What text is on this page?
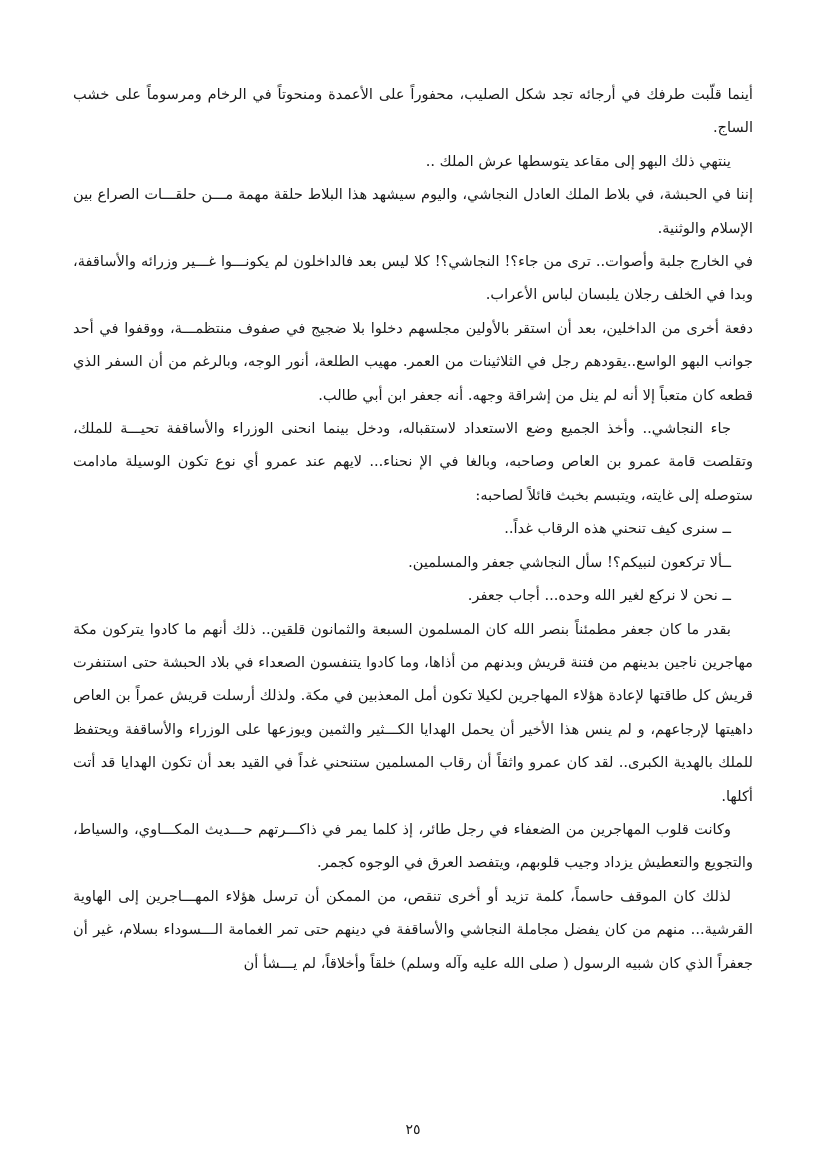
أينما قلّبت طرفك في أرجائه تجد شكل الصليب، محفوراً على الأعمدة ومنحوتاً في الرخام ومرسوماً على خشب الساج.

ينتهي ذلك البهو إلى مقاعد يتوسطها عرش الملك ..

إننا في الحبشة، في بلاط الملك العادل النجاشي، واليوم سيشهد هذا البلاط حلقة مهمة مـــن حلقـــات الصراع بين الإسلام والوثنية.

في الخارج جلبة وأصوات.. ترى من جاء؟! النجاشي؟! كلا ليس بعد فالداخلون لم يكونـــوا غـــير وزرائه والأساقفة، وبدا في الخلف رجلان يلبسان لباس الأعراب.

دفعة أخرى من الداخلين، بعد أن استقر بالأولين مجلسهم دخلوا بلا ضجيج في صفوف منتظمـــة، ووقفوا في أحد جوانب البهو الواسع..يقودهم رجل في الثلاثينات من العمر. مهيب الطلعة، أنور الوجه، وبالرغم من أن السفر الذي قطعه كان متعباً إلا أنه لم ينل من إشراقة وجهه. أنه جعفر ابن أبي طالب.

جاء النجاشي.. وأخذ الجميع وضع الاستعداد لاستقباله، ودخل بينما انحنى الوزراء والأساقفة تحيـــة للملك، وتقلصت قامة عمرو بن العاص وصاحبه، وبالغا في الإ نحناء... لايهم عند عمرو أي نوع تكون الوسيلة مادامت ستوصله إلى غايته، ويتبسم بخبث قائلاً لصاحبه:

ــ سنرى كيف تنحني هذه الرقاب غداً..

ــألا تركعون لنبيكم؟! سأل النجاشي جعفر والمسلمين.

ــ نحن لا نركع لغير الله وحده... أجاب جعفر.

بقدر ما كان جعفر مطمئناً بنصر الله كان المسلمون السبعة والثمانون قلقين.. ذلك أنهم ما كادوا يتركون مكة مهاجرين ناجين بدينهم من فتنة قريش وبدنهم من أذاها، وما كادوا يتنفسون الصعداء في بلاد الحبشة حتى استنفرت قريش كل طاقتها لإعادة هؤلاء المهاجرين لكيلا تكون أمل المعذبين في مكة. ولذلك أرسلت قريش عمراً بن العاص داهيتها لإرجاعهم، و لم ينس هذا الأخير أن يحمل الهدايا الكـــثير والثمين ويوزعها على الوزراء والأساقفة ويحتفظ للملك بالهدية الكبرى.. لقد كان عمرو واثقاً أن رقاب المسلمين ستنحني غداً في القيد بعد أن تكون الهدايا قد أتت أكلها.

وكانت قلوب المهاجرين من الضعفاء في رجل طائر، إذ كلما يمر في ذاكـــرتهم حـــديث المكـــاوي، والسياط، والتجويع والتعطيش يزداد وجيب قلوبهم، ويتفصد العرق في الوجوه كجمر.

لذلك كان الموقف حاسماً، كلمة تزيد أو أخرى تنقص، من الممكن أن ترسل هؤلاء المهـــاجرين إلى الهاوية القرشية... منهم من كان يفضل مجاملة النجاشي والأساقفة في دينهم حتى تمر الغمامة الـــسوداء بسلام، غير أن جعفراً الذي كان شبيه الرسول ( صلى الله عليه وآله وسلم) خلقاً وأخلاقاً، لم يـــشأ أن

٢٥
